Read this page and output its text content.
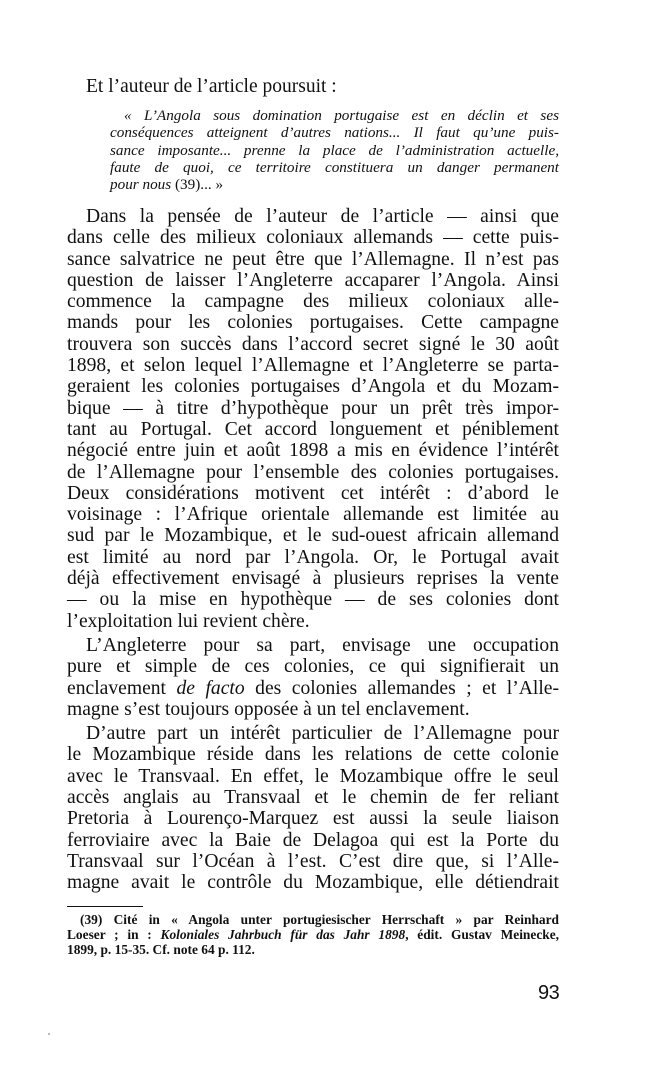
Et l’auteur de l’article poursuit :
« L’Angola sous domination portugaise est en déclin et ses
conséquences atteignent d’autres nations... Il faut qu’une puis-
sance imposante... prenne la place de l’administration actuelle,
faute de quoi, ce territoire constituera un danger permanent
pour nous (39)... »
Dans la pensée de l’auteur de l’article — ainsi que
dans celle des milieux coloniaux allemands — cette puis-
sance salvatrice ne peut être que l’Allemagne. Il n’est pas
question de laisser l’Angleterre accaparer l’Angola. Ainsi
commence la campagne des milieux coloniaux alle-
mands pour les colonies portugaises. Cette campagne
trouvera son succès dans l’accord secret signé le 30 août
1898, et selon lequel l’Allemagne et l’Angleterre se parta-
geraient les colonies portugaises d’Angola et du Mozam-
bique — à titre d’hypothèque pour un prêt très impor-
tant au Portugal. Cet accord longuement et péniblement
négocié entre juin et août 1898 a mis en évidence l’intérêt
de l’Allemagne pour l’ensemble des colonies portugaises.
Deux considérations motivent cet intérêt : d’abord le
voisinage : l’Afrique orientale allemande est limitée au
sud par le Mozambique, et le sud-ouest africain allemand
est limité au nord par l’Angola. Or, le Portugal avait
déjà effectivement envisagé à plusieurs reprises la vente
— ou la mise en hypothèque — de ses colonies dont
l’exploitation lui revient chère.
L’Angleterre pour sa part, envisage une occupation
pure et simple de ces colonies, ce qui signifierait un
enclavement de facto des colonies allemandes ; et l’Alle-
magne s’est toujours opposée à un tel enclavement.
D’autre part un intérêt particulier de l’Allemagne pour
le Mozambique réside dans les relations de cette colonie
avec le Transvaal. En effet, le Mozambique offre le seul
accès anglais au Transvaal et le chemin de fer reliant
Pretoria à Lourenço-Marquez est aussi la seule liaison
ferroviaire avec la Baie de Delagoa qui est la Porte du
Transvaal sur l’Océan à l’est. C’est dire que, si l’Alle-
magne avait le contrôle du Mozambique, elle détiendrait
(39) Cité in « Angola unter portugiesischer Herrschaft » par Reinhard
Loeser ; in : Koloniales Jahrbuch für das Jahr 1898, édit. Gustav Meinecke,
1899, p. 15-35. Cf. note 64 p. 112.
93
